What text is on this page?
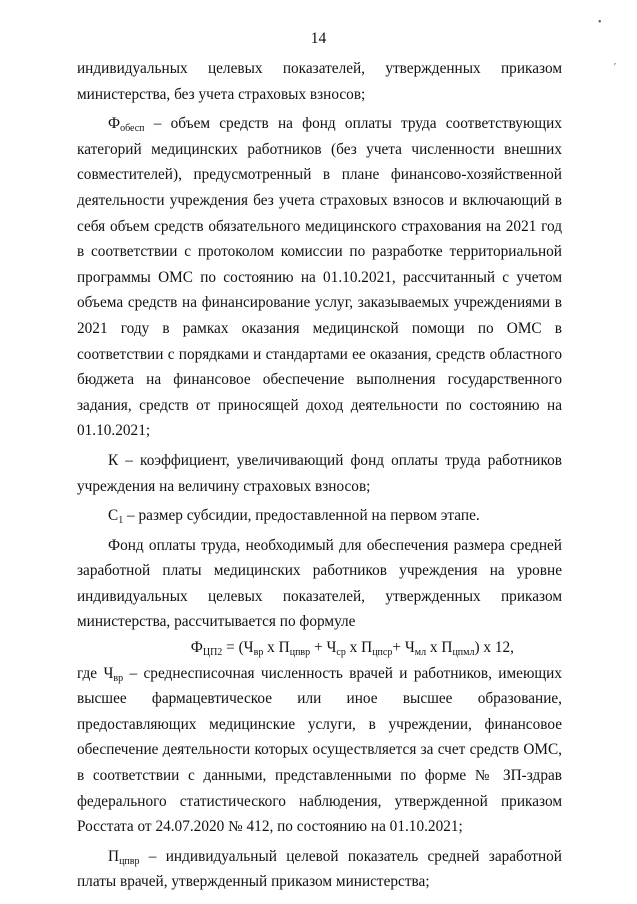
•
′
14

индивидуальных целевых показателей, утвержденных приказом министерства, без учета страховых взносов;

$Ф_{обесп}$ – объем средств на фонд оплаты труда соответствующих категорий медицинских работников (без учета численности внешних совместителей), предусмотренный в плане финансово-хозяйственной деятельности учреждения без учета страховых взносов и включающий в себя объем средств обязательного медицинского страхования на 2021 год в соответствии с протоколом комиссии по разработке территориальной программы ОМС по состоянию на 01.10.2021, рассчитанный с учетом объема средств на финансирование услуг, заказываемых учреждениями в 2021 году в рамках оказания медицинской помощи по ОМС в соответствии с порядками и стандартами ее оказания, средств областного бюджета на финансовое обеспечение выполнения государственного задания, средств от приносящей доход деятельности по состоянию на 01.10.2021;

К – коэффициент, увеличивающий фонд оплаты труда работников учреждения на величину страховых взносов;

$С_1$ – размер субсидии, предоставленной на первом этапе.

Фонд оплаты труда, необходимый для обеспечения размера средней заработной платы медицинских работников учреждения на уровне индивидуальных целевых показателей, утвержденных приказом министерства, рассчитывается по формуле

$Ф_{ЦП2} = (Ч_{вр}$ х $П_{цпвр} + Ч_{ср}$ х $П_{цпср}+ Ч_{мл}$ х $П_{цпмл}$) х 12,

где $Ч_{вр}$ – среднесписочная численность врачей и работников, имеющих высшее фармацевтическое или иное высшее образование, предоставляющих медицинские услуги, в учреждении, финансовое обеспечение деятельности которых осуществляется за счет средств ОМС, в соответствии с данными, представленными по форме № ЗП-здрав федерального статистического наблюдения, утвержденной приказом Росстата от 24.07.2020 № 412, по состоянию на 01.10.2021;

$П_{цпвр}$ – индивидуальный целевой показатель средней заработной платы врачей, утвержденный приказом министерства;
